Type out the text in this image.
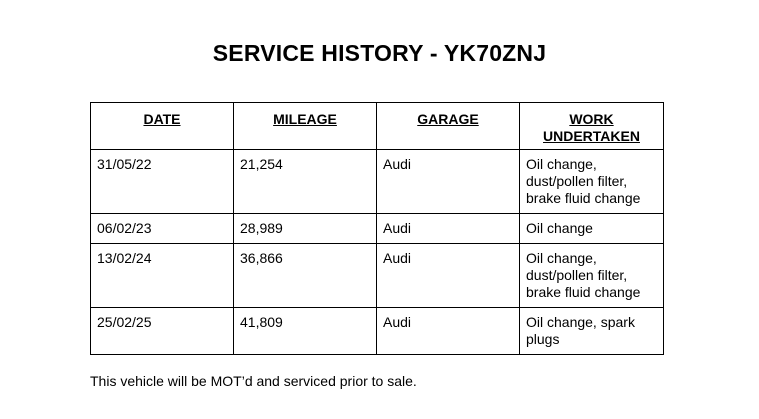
SERVICE HISTORY - YK70ZNJ
DATE	MILEAGE	GARAGE	WORK UNDERTAKEN
31/05/22	21,254	Audi	Oil change, dust/pollen filter, brake fluid change
06/02/23	28,989	Audi	Oil change
13/02/24	36,866	Audi	Oil change, dust/pollen filter, brake fluid change
25/02/25	41,809	Audi	Oil change, spark plugs
This vehicle will be MOT’d and serviced prior to sale.
